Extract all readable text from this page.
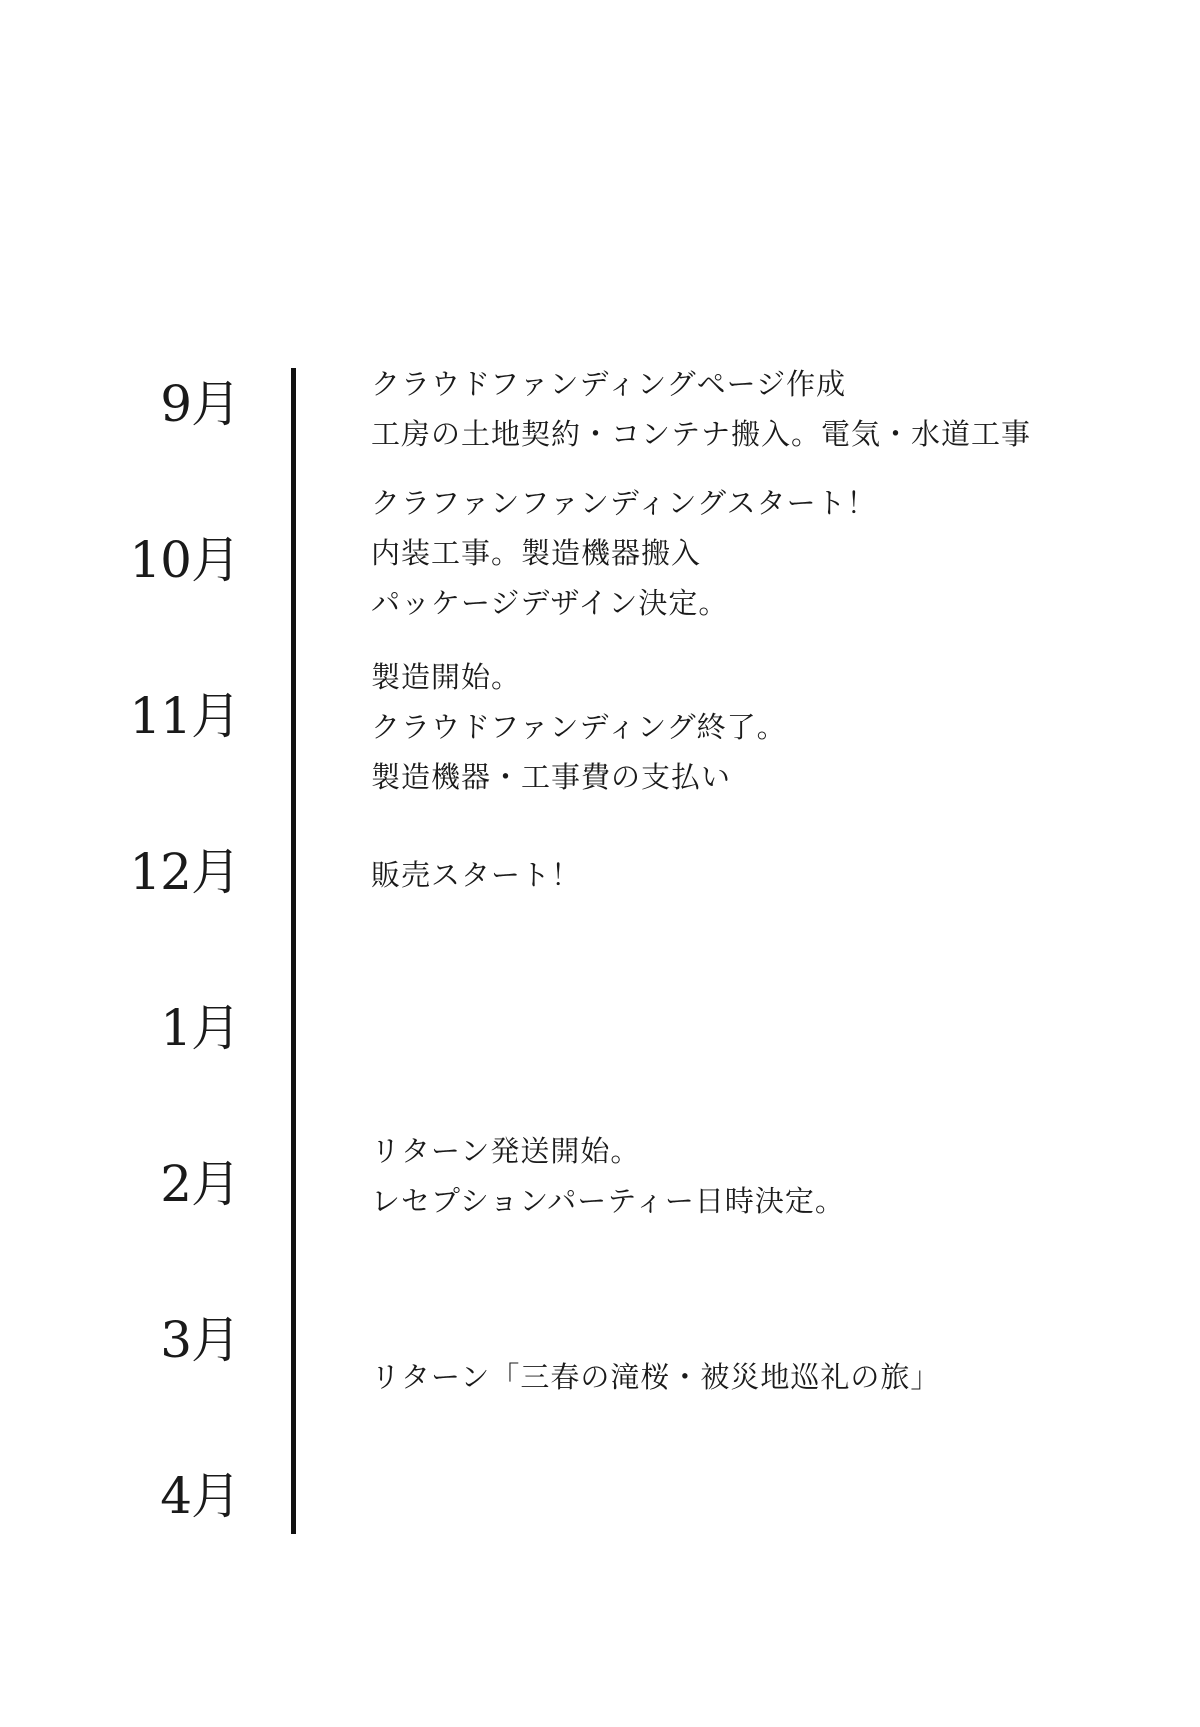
9月
10月
11月
12月
1月
2月
3月
4月
クラウドファンディングページ作成
工房の土地契約・コンテナ搬入。電気・水道工事
クラファンファンディングスタート！
内装工事。製造機器搬入
パッケージデザイン決定。
製造開始。
クラウドファンディング終了。
製造機器・工事費の支払い
販売スタート！
リターン発送開始。
レセプションパーティー日時決定。
リターン「三春の滝桜・被災地巡礼の旅」
